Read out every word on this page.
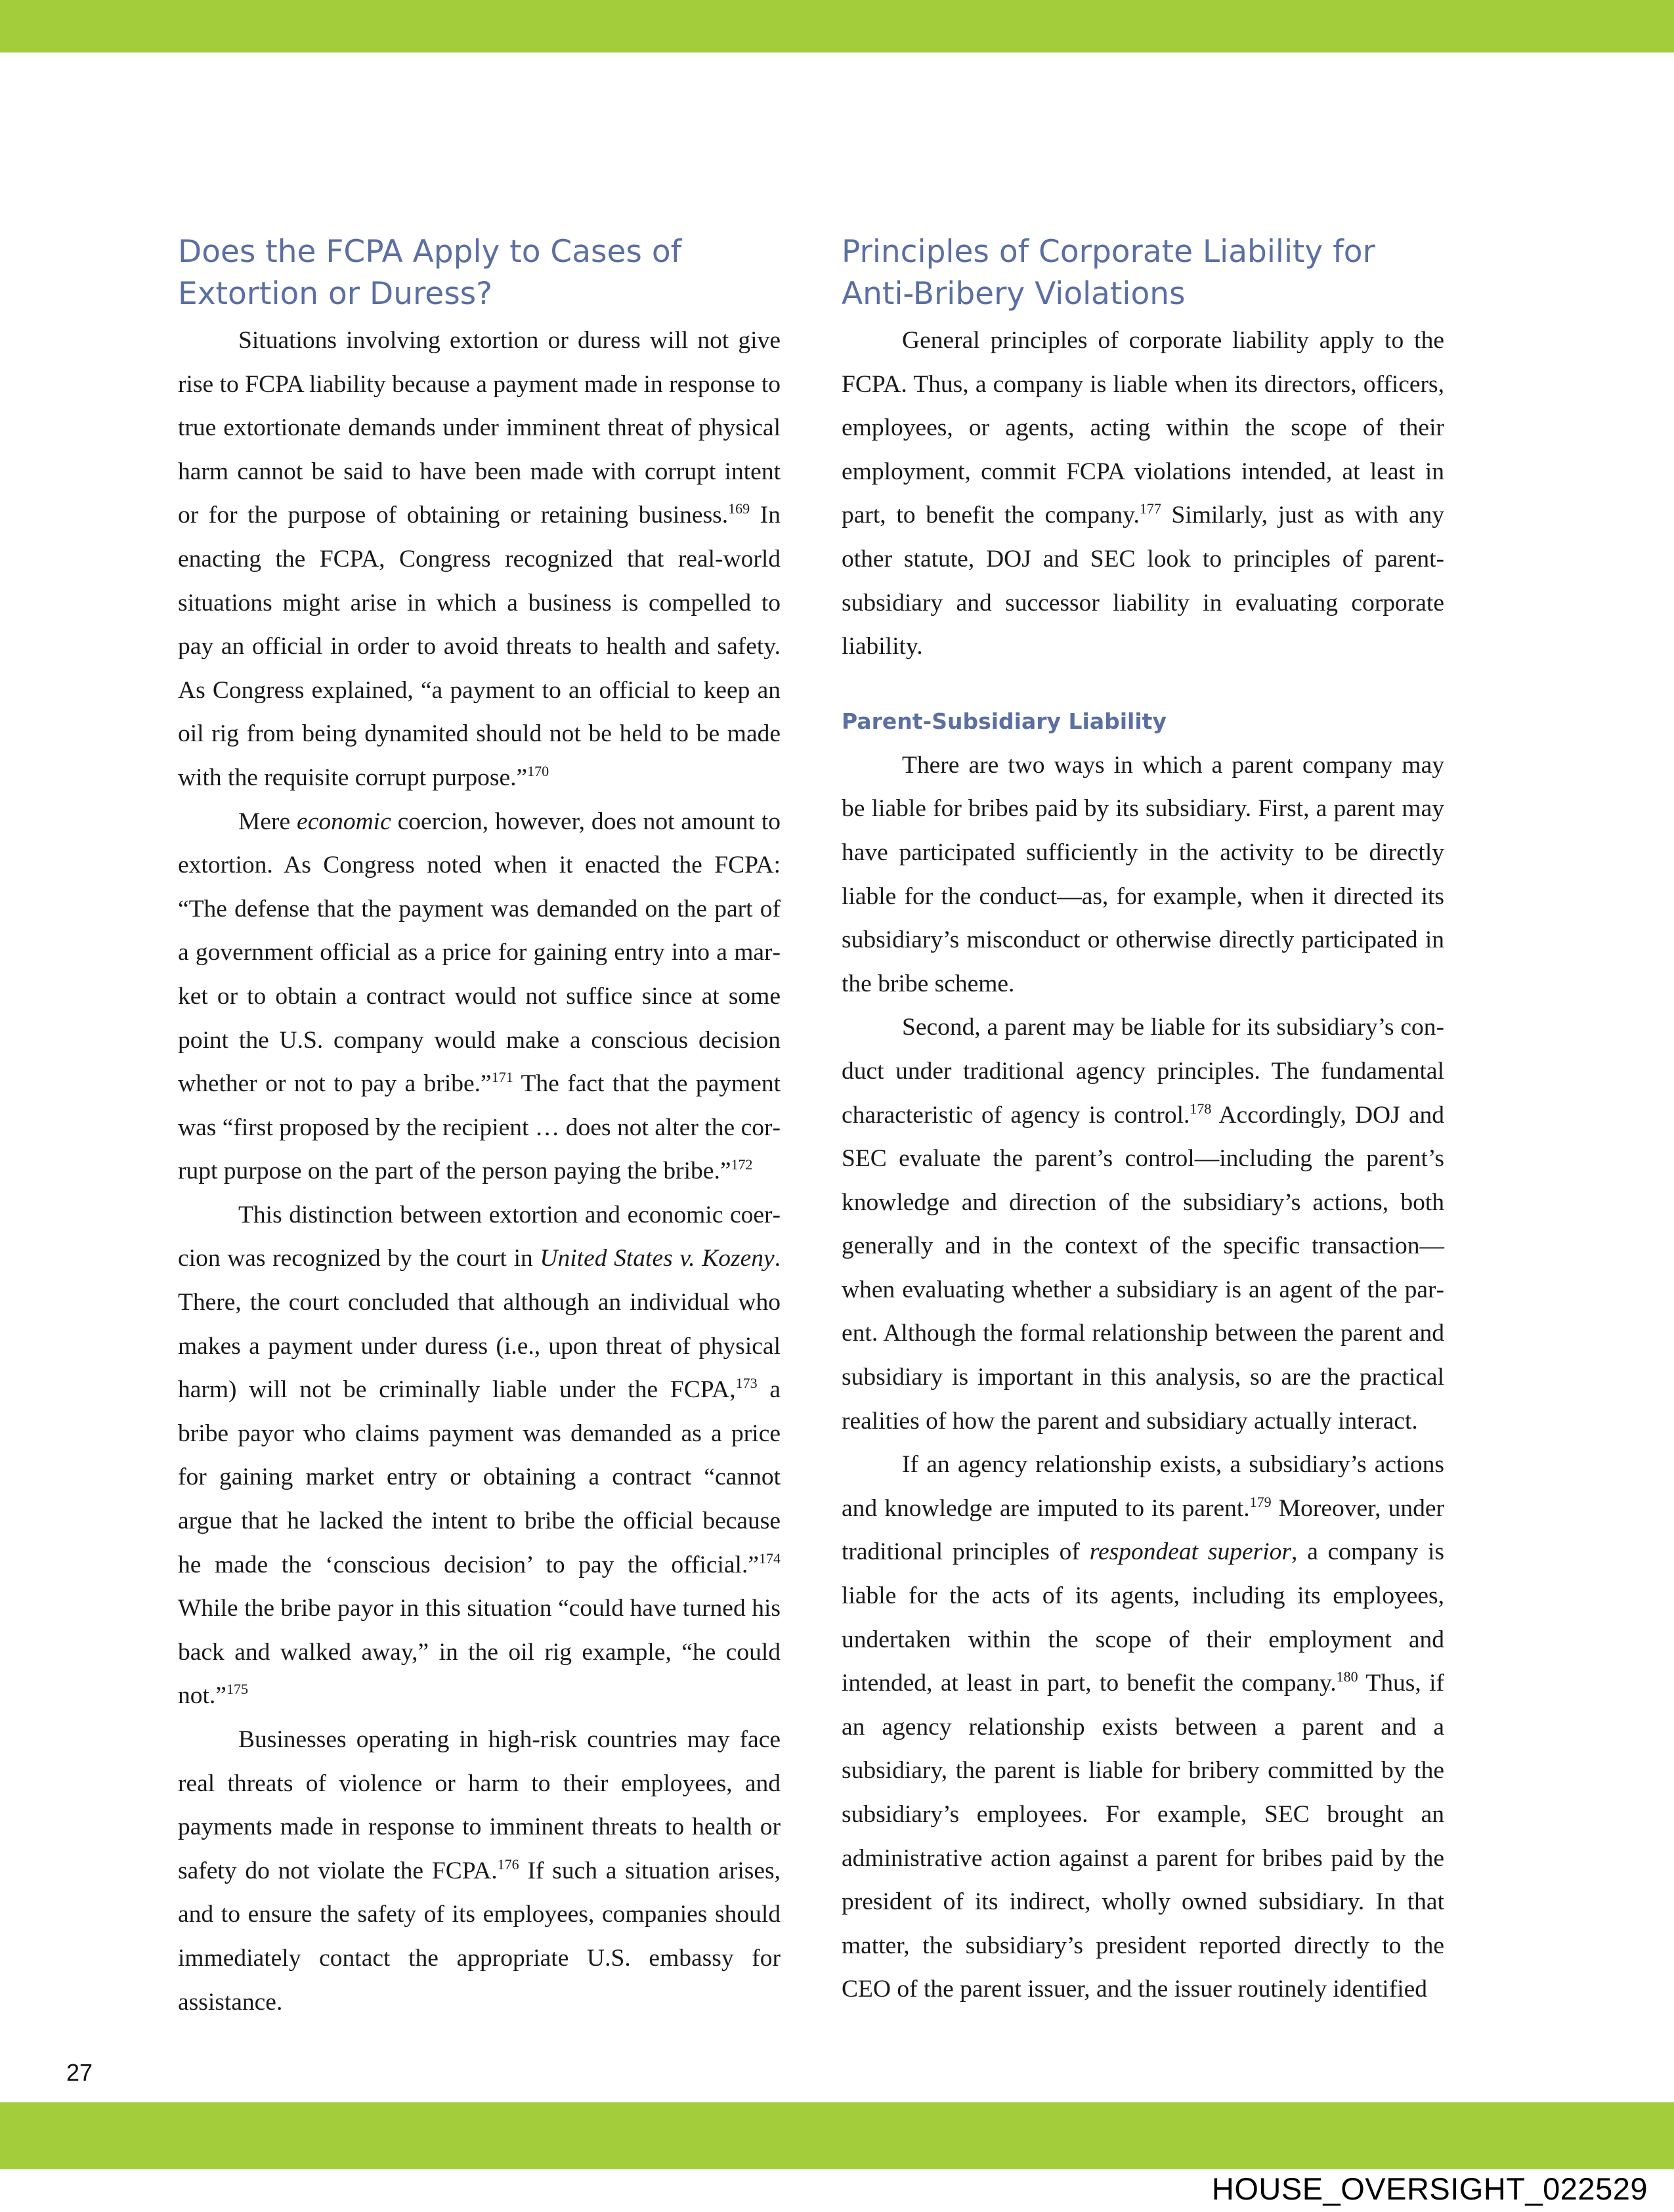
Does the FCPA Apply to Cases of
Extortion or Duress?

Situations involving extortion or duress will not give rise to FCPA liability because a payment made in response to true extortionate demands under imminent threat of physical harm cannot be said to have been made with corrupt intent or for the purpose of obtaining or retaining business.$^{169}$ In enacting the FCPA, Congress recognized that real-world situations might arise in which a business is compelled to pay an official in order to avoid threats to health and safety. As Congress explained, “a payment to an official to keep an oil rig from being dynamited should not be held to be made with the requisite corrupt purpose.”$^{170}$

Mere economic coercion, however, does not amount to extortion. As Congress noted when it enacted the FCPA: “The defense that the payment was demanded on the part of a government official as a price for gaining entry into a market or to obtain a contract would not suffice since at some point the U.S. company would make a conscious decision whether or not to pay a bribe.”$^{171}$ The fact that the payment was “first proposed by the recipient … does not alter the corrupt purpose on the part of the person paying the bribe.”$^{172}$

This distinction between extortion and economic coercion was recognized by the court in United States v. Kozeny. There, the court concluded that although an individual who makes a payment under duress (i.e., upon threat of physical harm) will not be criminally liable under the FCPA,$^{173}$ a bribe payor who claims payment was demanded as a price for gaining market entry or obtaining a contract “cannot argue that he lacked the intent to bribe the official because he made the ‘conscious decision’ to pay the official.”$^{174}$ While the bribe payor in this situation “could have turned his back and walked away,” in the oil rig example, “he could not.”$^{175}$

Businesses operating in high-risk countries may face real threats of violence or harm to their employees, and payments made in response to imminent threats to health or safety do not violate the FCPA.$^{176}$ If such a situation arises, and to ensure the safety of its employees, companies should immediately contact the appropriate U.S. embassy for assistance.

Principles of Corporate Liability for
Anti-Bribery Violations

General principles of corporate liability apply to the FCPA. Thus, a company is liable when its directors, officers, employees, or agents, acting within the scope of their employment, commit FCPA violations intended, at least in part, to benefit the company.$^{177}$ Similarly, just as with any other statute, DOJ and SEC look to principles of parent-subsidiary and successor liability in evaluating corporate liability.

Parent-Subsidiary Liability

There are two ways in which a parent company may be liable for bribes paid by its subsidiary. First, a parent may have participated sufficiently in the activity to be directly liable for the conduct—as, for example, when it directed its subsidiary’s misconduct or otherwise directly participated in the bribe scheme.

Second, a parent may be liable for its subsidiary’s conduct under traditional agency principles. The fundamental characteristic of agency is control.$^{178}$ Accordingly, DOJ and SEC evaluate the parent’s control—including the parent’s knowledge and direction of the subsidiary’s actions, both generally and in the context of the specific transaction—when evaluating whether a subsidiary is an agent of the parent. Although the formal relationship between the parent and subsidiary is important in this analysis, so are the practical realities of how the parent and subsidiary actually interact.

If an agency relationship exists, a subsidiary’s actions and knowledge are imputed to its parent.$^{179}$ Moreover, under traditional principles of respondeat superior, a company is liable for the acts of its agents, including its employees, undertaken within the scope of their employment and intended, at least in part, to benefit the company.$^{180}$ Thus, if an agency relationship exists between a parent and a subsidiary, the parent is liable for bribery committed by the subsidiary’s employees. For example, SEC brought an administrative action against a parent for bribes paid by the president of its indirect, wholly owned subsidiary. In that matter, the subsidiary’s president reported directly to the CEO of the parent issuer, and the issuer routinely identified

27
HOUSE_OVERSIGHT_022529
